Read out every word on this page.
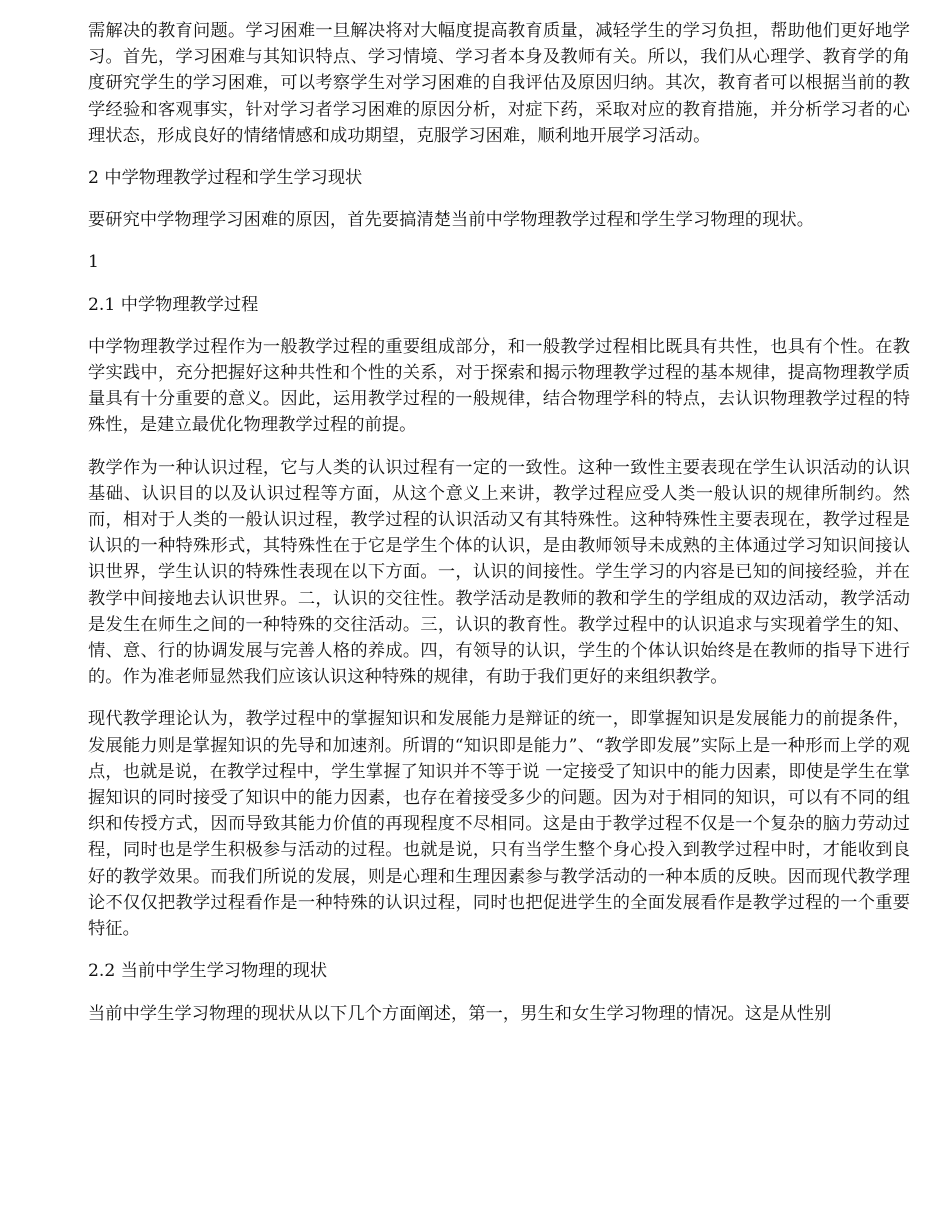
需解决的教育问题。学习困难一旦解决将对大幅度提高教育质量，减轻学生的学习负担，帮助他们更好地学习。首先，学习困难与其知识特点、学习情境、学习者本身及教师有关。所以，我们从心理学、教育学的角度研究学生的学习困难，可以考察学生对学习困难的自我评估及原因归纳。其次，教育者可以根据当前的教学经验和客观事实，针对学习者学习困难的原因分析，对症下药，采取对应的教育措施，并分析学习者的心理状态，形成良好的情绪情感和成功期望，克服学习困难，顺利地开展学习活动。

2 中学物理教学过程和学生学习现状

要研究中学物理学习困难的原因，首先要搞清楚当前中学物理教学过程和学生学习物理的现状。

1

2.1 中学物理教学过程

中学物理教学过程作为一般教学过程的重要组成部分，和一般教学过程相比既具有共性，也具有个性。在教学实践中，充分把握好这种共性和个性的关系，对于探索和揭示物理教学过程的基本规律，提高物理教学质量具有十分重要的意义。因此，运用教学过程的一般规律，结合物理学科的特点，去认识物理教学过程的特殊性，是建立最优化物理教学过程的前提。

教学作为一种认识过程，它与人类的认识过程有一定的一致性。这种一致性主要表现在学生认识活动的认识基础、认识目的以及认识过程等方面，从这个意义上来讲，教学过程应受人类一般认识的规律所制约。然而，相对于人类的一般认识过程，教学过程的认识活动又有其特殊性。这种特殊性主要表现在，教学过程是认识的一种特殊形式，其特殊性在于它是学生个体的认识，是由教师领导未成熟的主体通过学习知识间接认识世界，学生认识的特殊性表现在以下方面。一，认识的间接性。学生学习的内容是已知的间接经验，并在教学中间接地去认识世界。二，认识的交往性。教学活动是教师的教和学生的学组成的双边活动，教学活动是发生在师生之间的一种特殊的交往活动。三，认识的教育性。教学过程中的认识追求与实现着学生的知、情、意、行的协调发展与完善人格的养成。四，有领导的认识，学生的个体认识始终是在教师的指导下进行的。作为准老师显然我们应该认识这种特殊的规律，有助于我们更好的来组织教学。

现代教学理论认为，教学过程中的掌握知识和发展能力是辩证的统一，即掌握知识是发展能力的前提条件，发展能力则是掌握知识的先导和加速剂。所谓的“知识即是能力”、“教学即发展”实际上是一种形而上学的观点，也就是说，在教学过程中，学生掌握了知识并不等于说 一定接受了知识中的能力因素，即使是学生在掌握知识的同时接受了知识中的能力因素，也存在着接受多少的问题。因为对于相同的知识，可以有不同的组织和传授方式，因而导致其能力价值的再现程度不尽相同。这是由于教学过程不仅是一个复杂的脑力劳动过程，同时也是学生积极参与活动的过程。也就是说，只有当学生整个身心投入到教学过程中时，才能收到良好的教学效果。而我们所说的发展，则是心理和生理因素参与教学活动的一种本质的反映。因而现代教学理论不仅仅把教学过程看作是一种特殊的认识过程，同时也把促进学生的全面发展看作是教学过程的一个重要特征。

2.2 当前中学生学习物理的现状

当前中学生学习物理的现状从以下几个方面阐述，第一，男生和女生学习物理的情况。这是从性别
